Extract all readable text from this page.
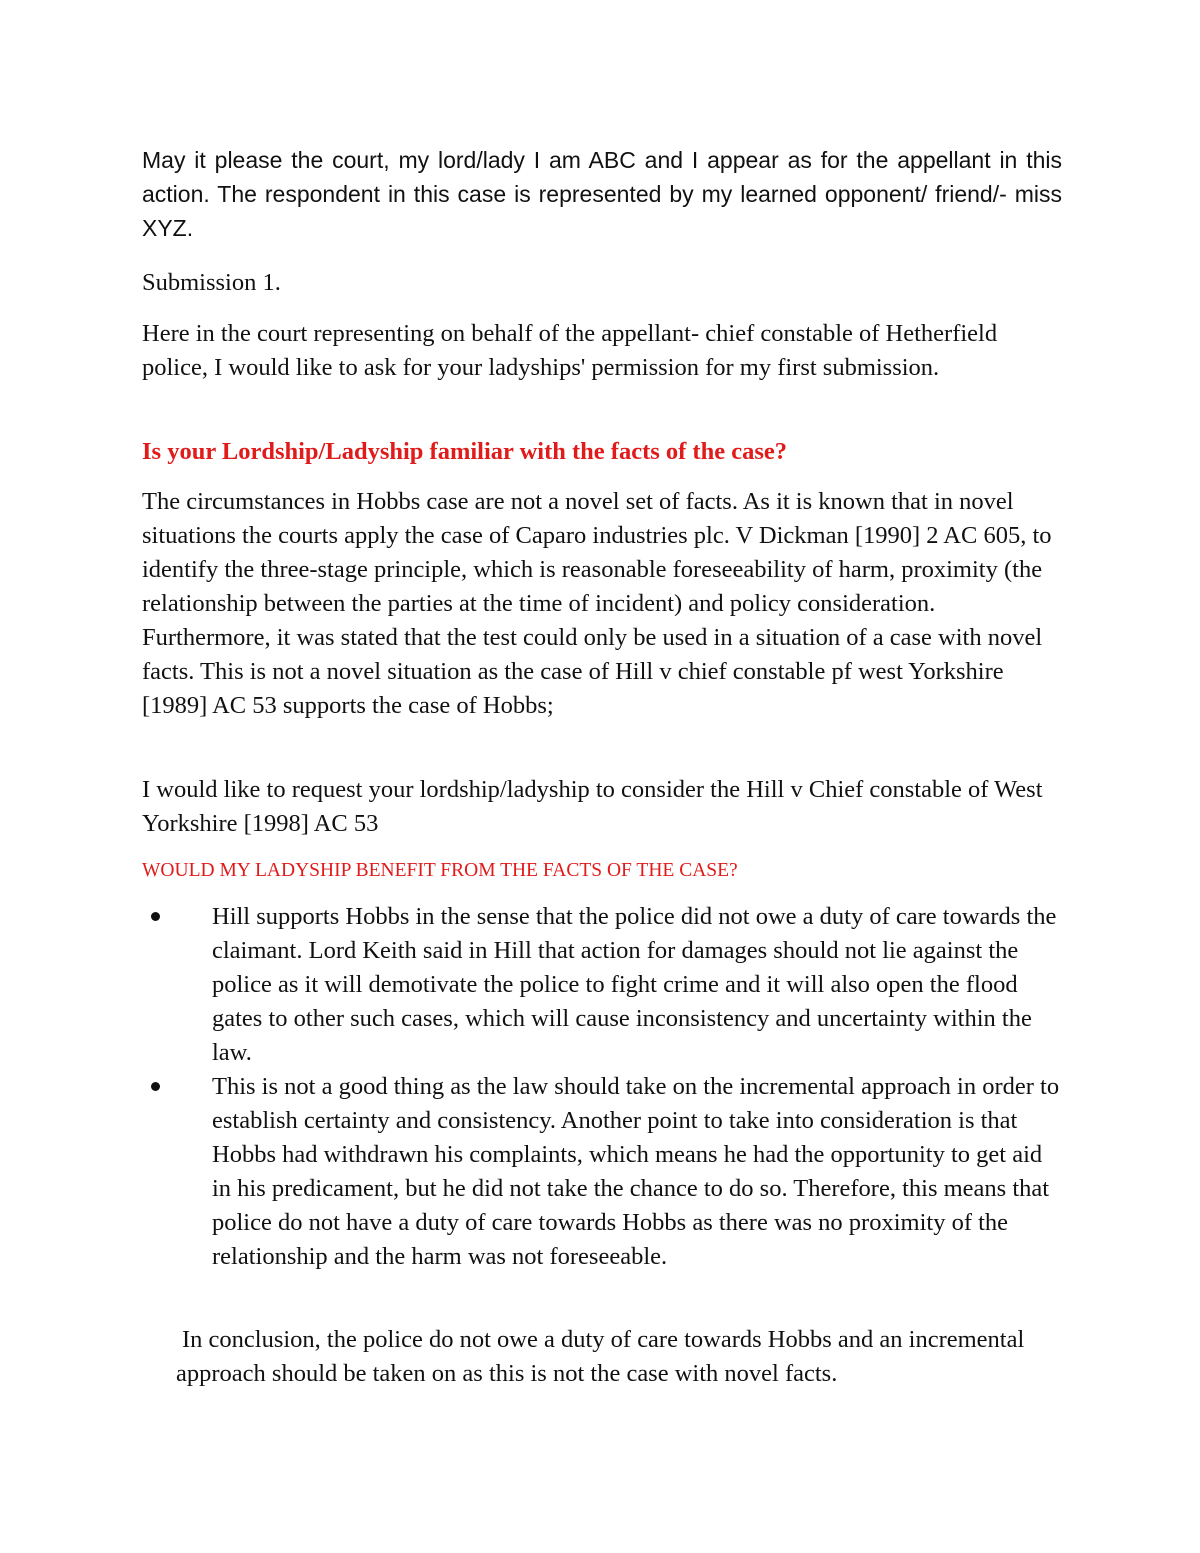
May it please the court, my lord/lady I am ABC and I appear as for the appellant in this action. The respondent in this case is represented by my learned opponent/ friend/- miss XYZ.

Submission 1.

Here in the court representing on behalf of the appellant- chief constable of Hetherfield police, I would like to ask for your ladyships' permission for my first submission.

Is your Lordship/Ladyship familiar with the facts of the case?

The circumstances in Hobbs case are not a novel set of facts. As it is known that in novel situations the courts apply the case of Caparo industries plc. V Dickman [1990] 2 AC 605, to identify the three-stage principle, which is reasonable foreseeability of harm, proximity (the relationship between the parties at the time of incident) and policy consideration. Furthermore, it was stated that the test could only be used in a situation of a case with novel facts. This is not a novel situation as the case of Hill v chief constable pf west Yorkshire [1989] AC 53 supports the case of Hobbs;

I would like to request your lordship/ladyship to consider the Hill v Chief constable of West Yorkshire [1998] AC 53

WOULD MY LADYSHIP BENEFIT FROM THE FACTS OF THE CASE?

Hill supports Hobbs in the sense that the police did not owe a duty of care towards the claimant. Lord Keith said in Hill that action for damages should not lie against the police as it will demotivate the police to fight crime and it will also open the flood gates to other such cases, which will cause inconsistency and uncertainty within the law.
This is not a good thing as the law should take on the incremental approach in order to establish certainty and consistency. Another point to take into consideration is that Hobbs had withdrawn his complaints, which means he had the opportunity to get aid in his predicament, but he did not take the chance to do so. Therefore, this means that police do not have a duty of care towards Hobbs as there was no proximity of the relationship and the harm was not foreseeable.

In conclusion, the police do not owe a duty of care towards Hobbs and an incremental approach should be taken on as this is not the case with novel facts.
